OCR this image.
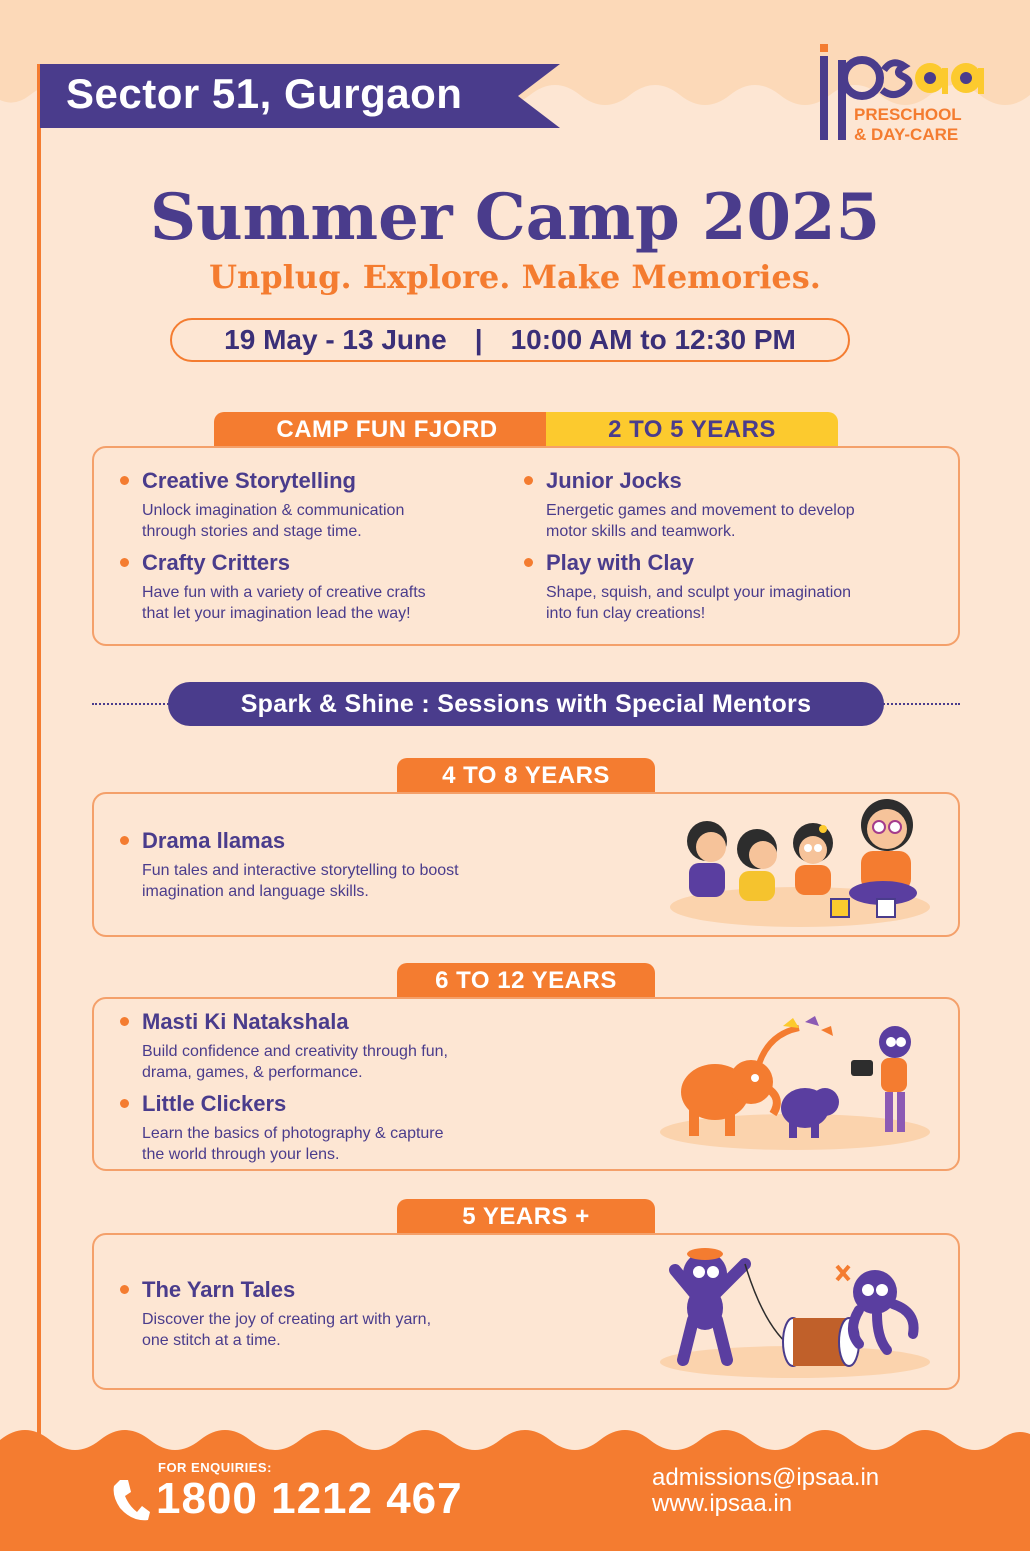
Sector 51, Gurgaon	PRESCHOOL
& DAY-CARE
Summer Camp 2025
Unplug. Explore. Make Memories.
19 May - 13 June | 10:00 AM to 12:30 PM
CAMP FUN FJORD	2 TO 5 YEARS
Creative Storytelling
Unlock imagination & communication
through stories and stage time.
Junior Jocks
Energetic games and movement to develop
motor skills and teamwork.
Crafty Critters
Have fun with a variety of creative crafts
that let your imagination lead the way!
Play with Clay
Shape, squish, and sculpt your imagination
into fun clay creations!
Spark & Shine : Sessions with Special Mentors
4 TO 8 YEARS
Drama llamas
Fun tales and interactive storytelling to boost
imagination and language skills.
6 TO 12 YEARS
Masti Ki Natakshala
Build confidence and creativity through fun,
drama, games, & performance.
Little Clickers
Learn the basics of photography & capture
the world through your lens.
5 YEARS +
The Yarn Tales
Discover the joy of creating art with yarn,
one stitch at a time.
FOR ENQUIRIES:
1800 1212 467	admissions@ipsaa.in
www.ipsaa.in
